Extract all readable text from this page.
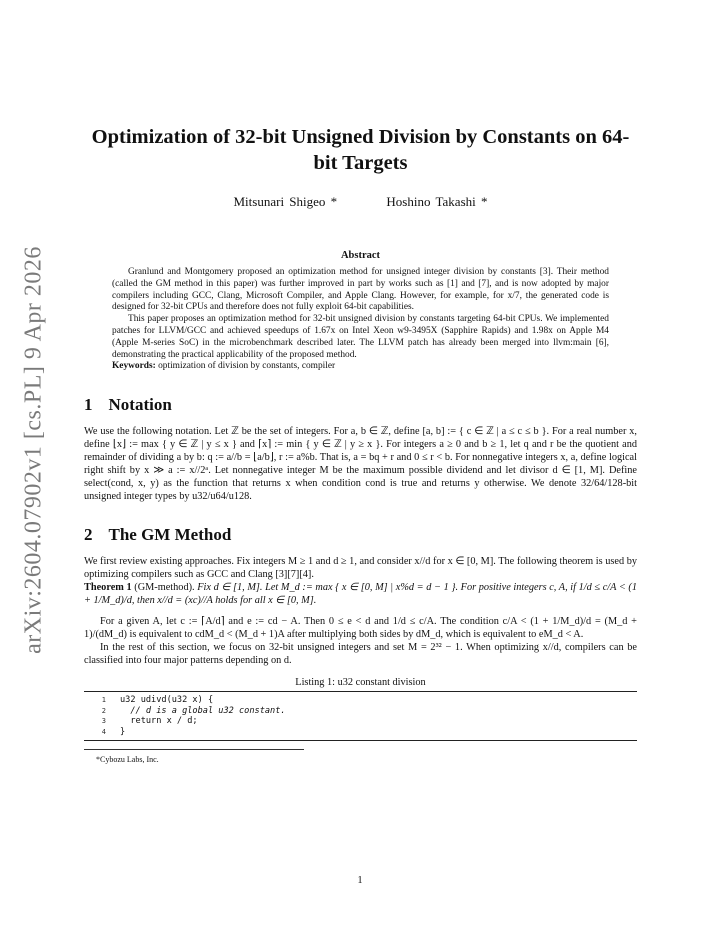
arXiv:2604.07902v1 [cs.PL] 9 Apr 2026
Optimization of 32-bit Unsigned Division by Constants on 64-bit Targets
Mitsunari Shigeo *	Hoshino Takashi *
Abstract

Granlund and Montgomery proposed an optimization method for unsigned integer division by constants [3]. Their method (called the GM method in this paper) was further improved in part by works such as [1] and [7], and is now adopted by major compilers including GCC, Clang, Microsoft Compiler, and Apple Clang. However, for example, for x/7, the generated code is designed for 32-bit CPUs and therefore does not fully exploit 64-bit capabilities.

This paper proposes an optimization method for 32-bit unsigned division by constants targeting 64-bit CPUs. We implemented patches for LLVM/GCC and achieved speedups of 1.67x on Intel Xeon w9-3495X (Sapphire Rapids) and 1.98x on Apple M4 (Apple M-series SoC) in the microbenchmark described later. The LLVM patch has already been merged into llvm:main [6], demonstrating the practical applicability of the proposed method.

Keywords: optimization of division by constants, compiler

1 Notation

We use the following notation. Let ℤ be the set of integers. For a, b ∈ ℤ, define [a, b] := { c ∈ ℤ | a ≤ c ≤ b }. For a real number x, define ⌊x⌋ := max { y ∈ ℤ | y ≤ x } and ⌈x⌉ := min { y ∈ ℤ | y ≥ x }. For integers a ≥ 0 and b ≥ 1, let q and r be the quotient and remainder of dividing a by b: q := a//b = ⌊a/b⌋, r := a%b. That is, a = bq + r and 0 ≤ r < b. For nonnegative integers x, a, define logical right shift by x ≫ a := x//2ᵃ. Let nonnegative integer M be the maximum possible dividend and let divisor d ∈ [1, M]. Define select(cond, x, y) as the function that returns x when condition cond is true and returns y otherwise. We denote 32/64/128-bit unsigned integer types by u32/u64/u128.

2 The GM Method

We first review existing approaches. Fix integers M ≥ 1 and d ≥ 1, and consider x//d for x ∈ [0, M]. The following theorem is used by optimizing compilers such as GCC and Clang [3][7][4].

Theorem 1 (GM-method). Fix d ∈ [1, M]. Let M_d := max { x ∈ [0, M] | x%d = d − 1 }. For positive integers c, A, if 1/d ≤ c/A < (1 + 1/M_d)/d, then x//d = (xc)//A holds for all x ∈ [0, M].

For a given A, let c := ⌈A/d⌉ and e := cd − A. Then 0 ≤ e < d and 1/d ≤ c/A. The condition c/A < (1 + 1/M_d)/d = (M_d + 1)/(dM_d) is equivalent to cdM_d < (M_d + 1)A after multiplying both sides by dM_d, which is equivalent to eM_d < A.

In the rest of this section, we focus on 32-bit unsigned integers and set M = 2³² − 1. When optimizing x//d, compilers can be classified into four major patterns depending on d.

Listing 1: u32 constant division
1	u32 udivd(u32 x) {
2	// d is a global u32 constant.
3	return x / d;
4	}
*Cybozu Labs, Inc.
1
